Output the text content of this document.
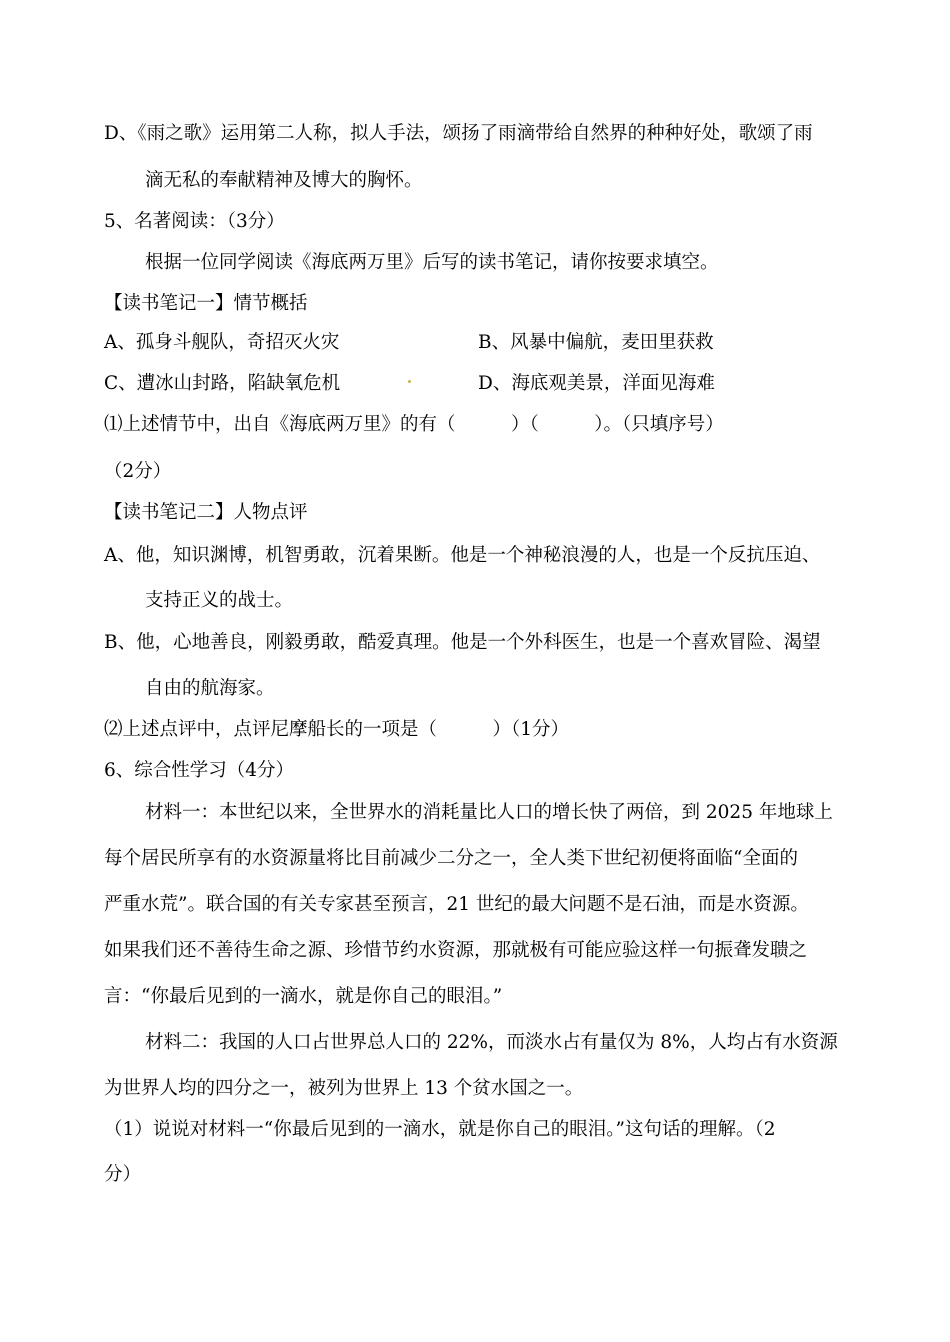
D、《雨之歌》运用第二人称，拟人手法，颂扬了雨滴带给自然界的种种好处，歌颂了雨
滴无私的奉献精神及博大的胸怀。
5、名著阅读：（3分）
根据一位同学阅读《海底两万里》后写的读书笔记，请你按要求填空。
【读书笔记一】情节概括
A、孤身斗舰队，奇招灭火灾	B、风暴中偏航，麦田里获救
C、遭冰山封路，陷缺氧危机	D、海底观美景，洋面见海难
⑴上述情节中，出自《海底两万里》的有（　　　）（　　　）。（只填序号）
（2分）
【读书笔记二】人物点评
A、他，知识渊博，机智勇敢，沉着果断。他是一个神秘浪漫的人，也是一个反抗压迫、
支持正义的战士。
B、他，心地善良，刚毅勇敢，酷爱真理。他是一个外科医生，也是一个喜欢冒险、渴望
自由的航海家。
⑵上述点评中，点评尼摩船长的一项是（　　　）（1分）
6、综合性学习（4分）
材料一：本世纪以来，全世界水的消耗量比人口的增长快了两倍，到 2025 年地球上
每个居民所享有的水资源量将比目前减少二分之一，全人类下世纪初便将面临“全面的
严重水荒”。联合国的有关专家甚至预言，21 世纪的最大问题不是石油，而是水资源。
如果我们还不善待生命之源、珍惜节约水资源，那就极有可能应验这样一句振聋发聩之
言：“你最后见到的一滴水，就是你自己的眼泪。”
材料二：我国的人口占世界总人口的 22%，而淡水占有量仅为 8%，人均占有水资源
为世界人均的四分之一，被列为世界上 13 个贫水国之一。
（1）说说对材料一“你最后见到的一滴水，就是你自己的眼泪。”这句话的理解。（2
分）
